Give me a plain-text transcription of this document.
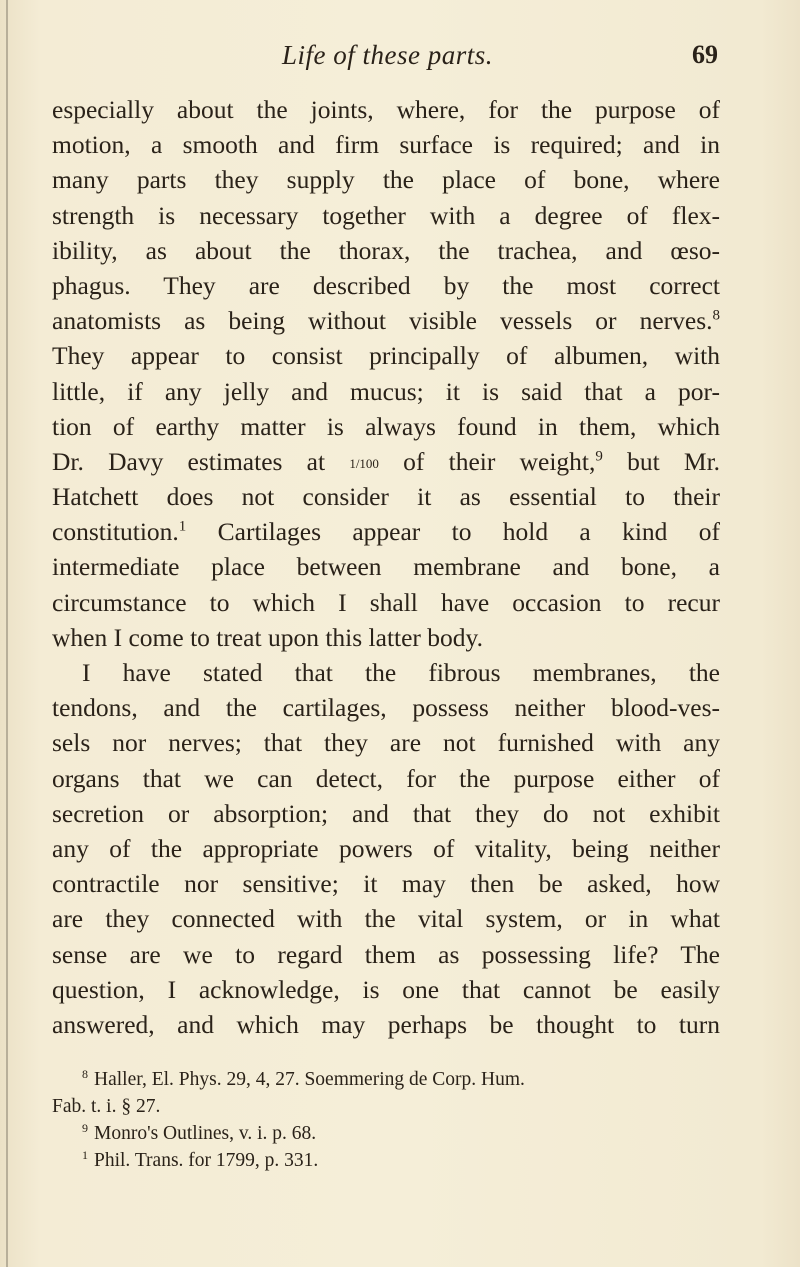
Life of these parts.	69
especially about the joints, where, for the purpose of
motion, a smooth and firm surface is required; and in
many parts they supply the place of bone, where
strength is necessary together with a degree of flex-
ibility, as about the thorax, the trachea, and œso-
phagus. They are described by the most correct
anatomists as being without visible vessels or nerves.$^8$
They appear to consist principally of albumen, with
little, if any jelly and mucus; it is said that a por-
tion of earthy matter is always found in them, which
Dr. Davy estimates at 1/100 of their weight,$^9$ but Mr.
Hatchett does not consider it as essential to their
constitution.$^1$ Cartilages appear to hold a kind of
intermediate place between membrane and bone, a
circumstance to which I shall have occasion to recur
when I come to treat upon this latter body.
I have stated that the fibrous membranes, the
tendons, and the cartilages, possess neither blood-ves-
sels nor nerves; that they are not furnished with any
organs that we can detect, for the purpose either of
secretion or absorption; and that they do not exhibit
any of the appropriate powers of vitality, being neither
contractile nor sensitive; it may then be asked, how
are they connected with the vital system, or in what
sense are we to regard them as possessing life? The
question, I acknowledge, is one that cannot be easily
answered, and which may perhaps be thought to turn
$^8$ Haller, El. Phys. 29, 4, 27. Soemmering de Corp. Hum.
Fab. t. i. § 27.
$^9$ Monro's Outlines, v. i. p. 68.
$^1$ Phil. Trans. for 1799, p. 331.
